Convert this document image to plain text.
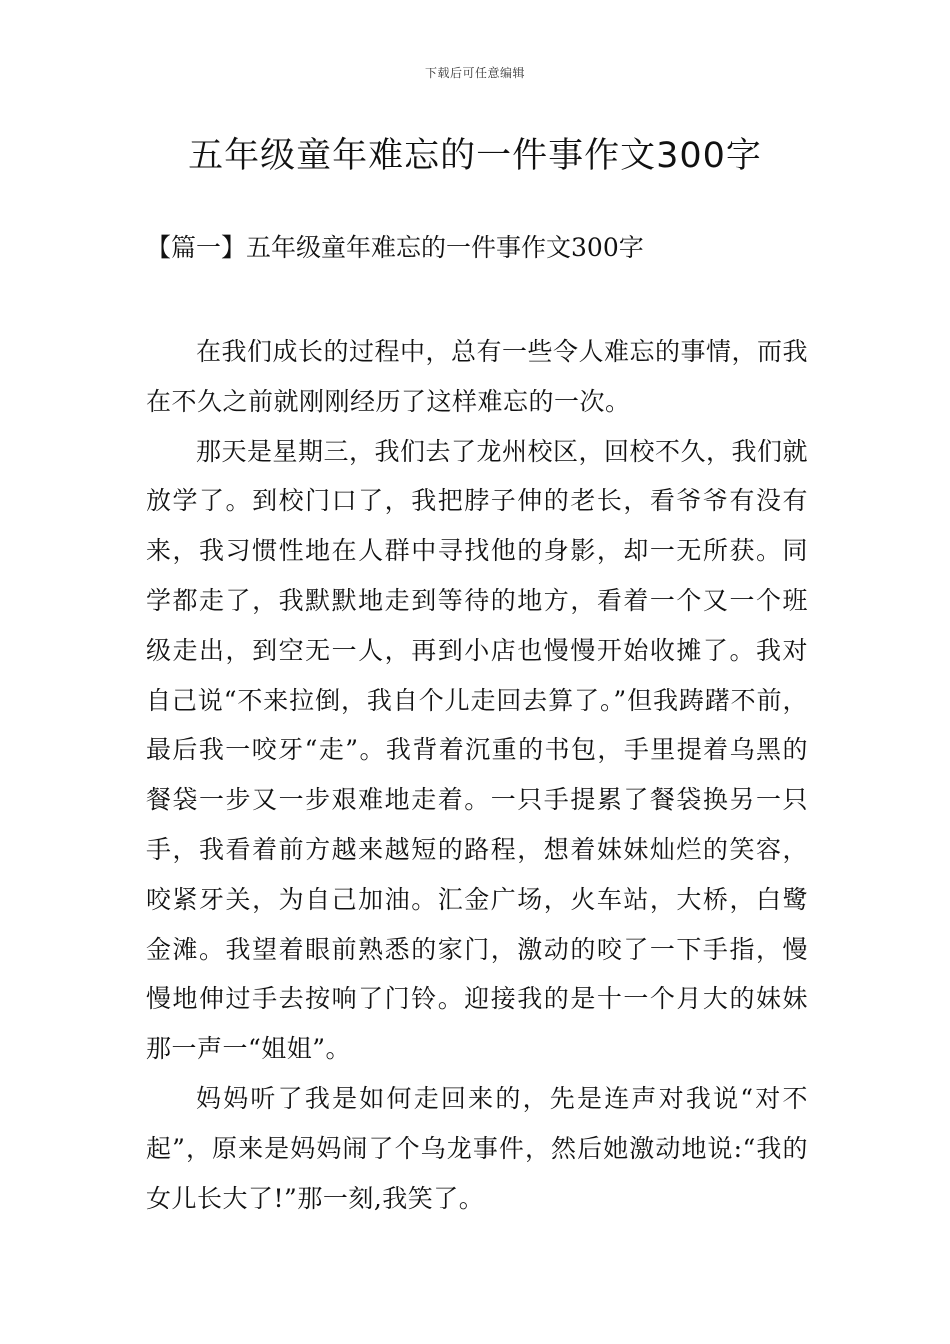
下载后可任意编辑
五年级童年难忘的一件事作文300字
【篇一】五年级童年难忘的一件事作文300字

在我们成长的过程中，总有一些令人难忘的事情，而我在不久之前就刚刚经历了这样难忘的一次。

那天是星期三，我们去了龙州校区，回校不久，我们就放学了。到校门口了，我把脖子伸的老长，看爷爷有没有来，我习惯性地在人群中寻找他的身影，却一无所获。同学都走了，我默默地走到等待的地方，看着一个又一个班级走出，到空无一人，再到小店也慢慢开始收摊了。我对自己说“不来拉倒，我自个儿走回去算了。”但我踌躇不前，最后我一咬牙“走”。我背着沉重的书包，手里提着乌黑的餐袋一步又一步艰难地走着。一只手提累了餐袋换另一只手，我看着前方越来越短的路程，想着妹妹灿烂的笑容，咬紧牙关，为自己加油。汇金广场，火车站，大桥，白鹭金滩。我望着眼前熟悉的家门，激动的咬了一下手指，慢慢地伸过手去按响了门铃。迎接我的是十一个月大的妹妹那一声一“姐姐”。

妈妈听了我是如何走回来的，先是连声对我说“对不起”，原来是妈妈闹了个乌龙事件，然后她激动地说:“我的女儿长大了!”那一刻,我笑了。
